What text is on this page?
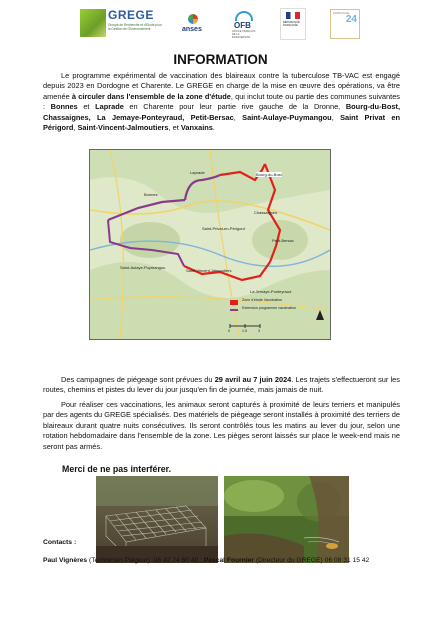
GREGE
Groupe de Recherche et d'Etude pour la Gestion de l'Environnement	anses	OFB
OFFICE FRANÇAIS DE LA BIODIVERSITÉ
RÉPUBLIQUE FRANÇAISE
DORDOGNE
24
INFORMATION
Le programme expérimental de vaccination des blaireaux contre la tuberculose TB-VAC est engagé depuis 2023 en Dordogne et Charente. Le GREGE en charge de la mise en œuvre des opérations, va être amenée à circuler dans l'ensemble de la zone d'étude, qui inclut toute ou partie des communes suivantes : Bonnes et Laprade en Charente pour leur partie rive gauche de la Dronne, Bourg-du-Bost, Chassaignes, La Jemaye-Ponteyraud, Petit-Bersac, Saint-Aulaye-Puymangou, Saint Privat en Périgord, Saint-Vincent-Jalmoutiers, et Vanxains.
Bonnes
Bourg-du-Bost
Saint-Privat-en-Périgord
Chassaignes
Petit-Bersac
Saint-Aulaye-Puymangou
Saint-Vincent-Jalmoutiers
La Jemaye-Ponteyraud
Laprade
Zone d'étude Vaccination
Extension programme vaccination
0	1.5	3
Des campagnes de piégeage sont prévues du 29 avril au 7 juin 2024. Les trajets s'effectueront sur les routes, chemins et pistes du lever du jour jusqu'en fin de journée, mais jamais de nuit.
Pour réaliser ces vaccinations, les animaux seront capturés à proximité de leurs terriers et manipulés par des agents du GREGE spécialisés. Des matériels de piégeage seront installés à proximité des terriers de blaireaux durant quatre nuits consécutives. Ils seront contrôlés tous les matins au lever du jour, selon une rotation hebdomadaire dans l'ensemble de la zone. Les pièges seront laissés sur place le week-end mais ne seront pas armés.
Merci de ne pas interférer.
Contacts :
Paul Vignères (Technicien Piégeur) :06 42 74 60 40 ; Pascal Fournier (Directeur du GREGE) 06 08 31 15 42
